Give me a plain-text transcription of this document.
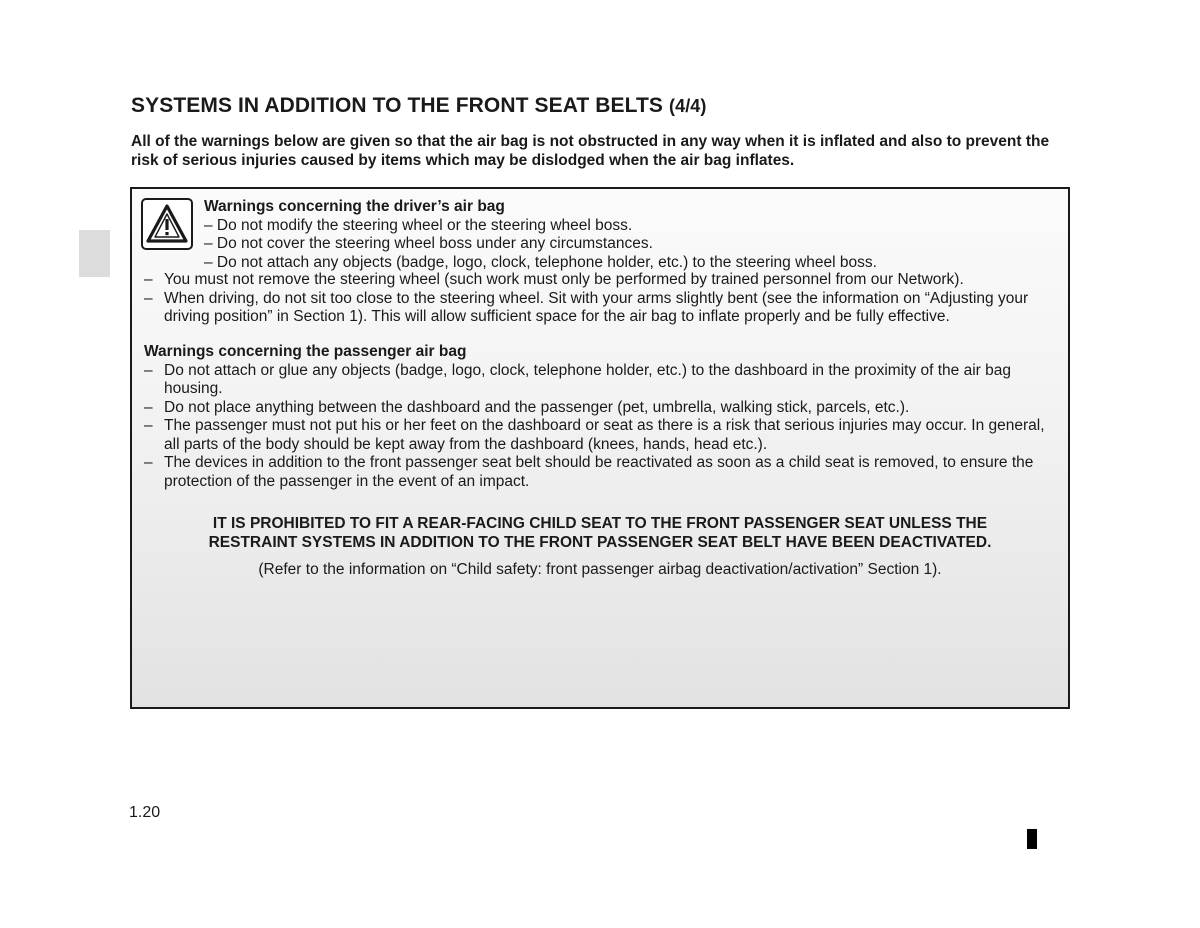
SYSTEMS IN ADDITION TO THE FRONT SEAT BELTS (4/4)
All of the warnings below are given so that the air bag is not obstructed in any way when it is inflated and also to prevent the risk of serious injuries caused by items which may be dislodged when the air bag inflates.
Warnings concerning the driver’s air bag
– Do not modify the steering wheel or the steering wheel boss.
– Do not cover the steering wheel boss under any circumstances.
– Do not attach any objects (badge, logo, clock, telephone holder, etc.) to the steering wheel boss.
– You must not remove the steering wheel (such work must only be performed by trained personnel from our Network).
– When driving, do not sit too close to the steering wheel. Sit with your arms slightly bent (see the information on “Adjusting your driving position” in Section 1). This will allow sufficient space for the air bag to inflate properly and be fully effective.
Warnings concerning the passenger air bag
– Do not attach or glue any objects (badge, logo, clock, telephone holder, etc.) to the dashboard in the proximity of the air bag housing.
– Do not place anything between the dashboard and the passenger (pet, umbrella, walking stick, parcels, etc.).
– The passenger must not put his or her feet on the dashboard or seat as there is a risk that serious injuries may occur. In general, all parts of the body should be kept away from the dashboard (knees, hands, head etc.).
– The devices in addition to the front passenger seat belt should be reactivated as soon as a child seat is removed, to ensure the protection of the passenger in the event of an impact.
IT IS PROHIBITED TO FIT A REAR-FACING CHILD SEAT TO THE FRONT PASSENGER SEAT UNLESS THE
RESTRAINT SYSTEMS IN ADDITION TO THE FRONT PASSENGER SEAT BELT HAVE BEEN DEACTIVATED.
(Refer to the information on “Child safety: front passenger airbag deactivation/activation” Section 1).
1.20
